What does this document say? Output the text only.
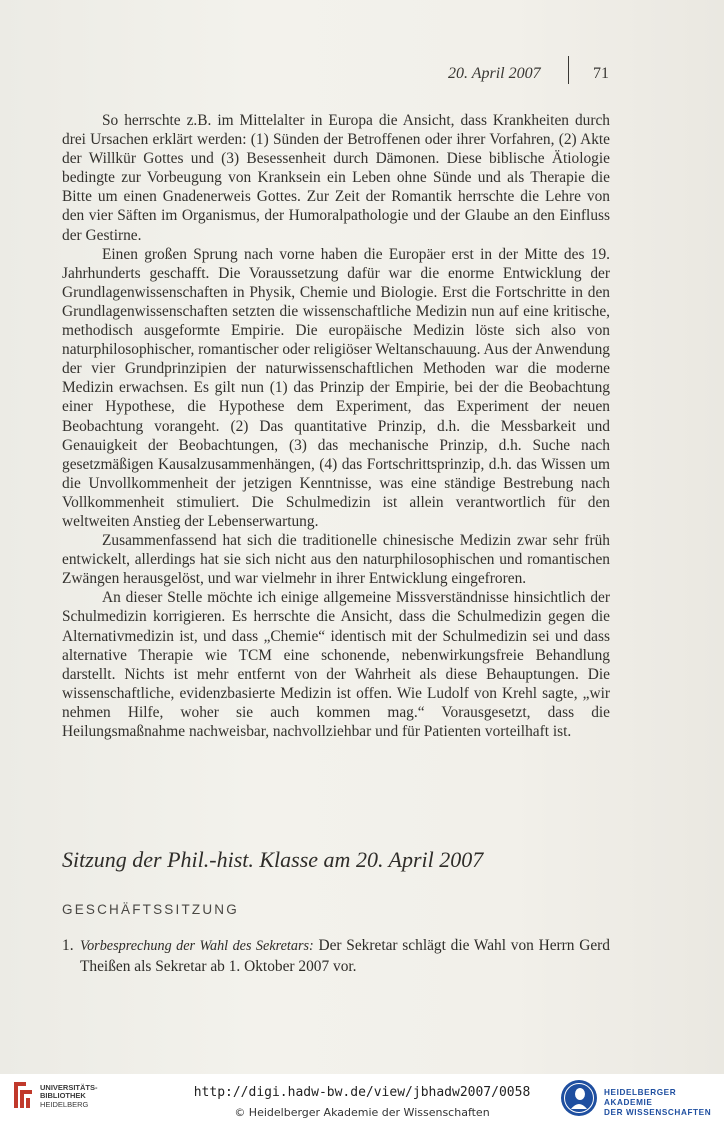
20. April 2007	71

So herrschte z.B. im Mittelalter in Europa die Ansicht, dass Krankheiten durch drei Ursachen erklärt werden: (1) Sünden der Betroffenen oder ihrer Vorfahren, (2) Akte der Willkür Gottes und (3) Besessenheit durch Dämonen. Diese biblische Ätiologie bedingte zur Vorbeugung von Kranksein ein Leben ohne Sünde und als Therapie die Bitte um einen Gnadenerweis Gottes. Zur Zeit der Romantik herrschte die Lehre von den vier Säften im Organismus, der Humoralpathologie und der Glaube an den Einfluss der Gestirne.

Einen großen Sprung nach vorne haben die Europäer erst in der Mitte des 19. Jahrhunderts geschafft. Die Voraussetzung dafür war die enorme Entwicklung der Grundlagenwissenschaften in Physik, Chemie und Biologie. Erst die Fortschritte in den Grundlagenwissenschaften setzten die wissenschaftliche Medizin nun auf eine kritische, methodisch ausgeformte Empirie. Die europäische Medizin löste sich also von naturphilosophischer, romantischer oder religiöser Weltanschauung. Aus der Anwendung der vier Grundprinzipien der naturwissenschaftlichen Methoden war die moderne Medizin erwachsen. Es gilt nun (1) das Prinzip der Empirie, bei der die Beobachtung einer Hypothese, die Hypothese dem Experiment, das Experiment der neuen Beobachtung vorangeht. (2) Das quantitative Prinzip, d.h. die Messbarkeit und Genauigkeit der Beobachtungen, (3) das mechanische Prinzip, d.h. Suche nach gesetzmäßigen Kausalzusammenhängen, (4) das Fortschrittsprinzip, d.h. das Wissen um die Unvollkommenheit der jetzigen Kenntnisse, was eine ständige Bestrebung nach Vollkommenheit stimuliert. Die Schulmedizin ist allein verantwortlich für den weltweiten Anstieg der Lebenserwartung.

Zusammenfassend hat sich die traditionelle chinesische Medizin zwar sehr früh entwickelt, allerdings hat sie sich nicht aus den naturphilosophischen und romantischen Zwängen herausgelöst, und war vielmehr in ihrer Entwicklung eingefroren.

An dieser Stelle möchte ich einige allgemeine Missverständnisse hinsichtlich der Schulmedizin korrigieren. Es herrschte die Ansicht, dass die Schulmedizin gegen die Alternativmedizin ist, und dass „Chemie“ identisch mit der Schulmedizin sei und dass alternative Therapie wie TCM eine schonende, nebenwirkungsfreie Behandlung darstellt. Nichts ist mehr entfernt von der Wahrheit als diese Behauptungen. Die wissenschaftliche, evidenzbasierte Medizin ist offen. Wie Ludolf von Krehl sagte, „wir nehmen Hilfe, woher sie auch kommen mag.“ Vorausgesetzt, dass die Heilungsmaßnahme nachweisbar, nachvollziehbar und für Patienten vorteilhaft ist.

Sitzung der Phil.-hist. Klasse am 20. April 2007
GESCHÄFTSSITZUNG
1. Vorbesprechung der Wahl des Sekretars: Der Sekretar schlägt die Wahl von Herrn Gerd Theißen als Sekretar ab 1. Oktober 2007 vor.
UNIVERSITÄTS-
BIBLIOTHEK
HEIDELBERG
http://digi.hadw-bw.de/view/jbhadw2007/0058
© Heidelberger Akademie der Wissenschaften
HEIDELBERGER AKADEMIE
DER WISSENSCHAFTEN
